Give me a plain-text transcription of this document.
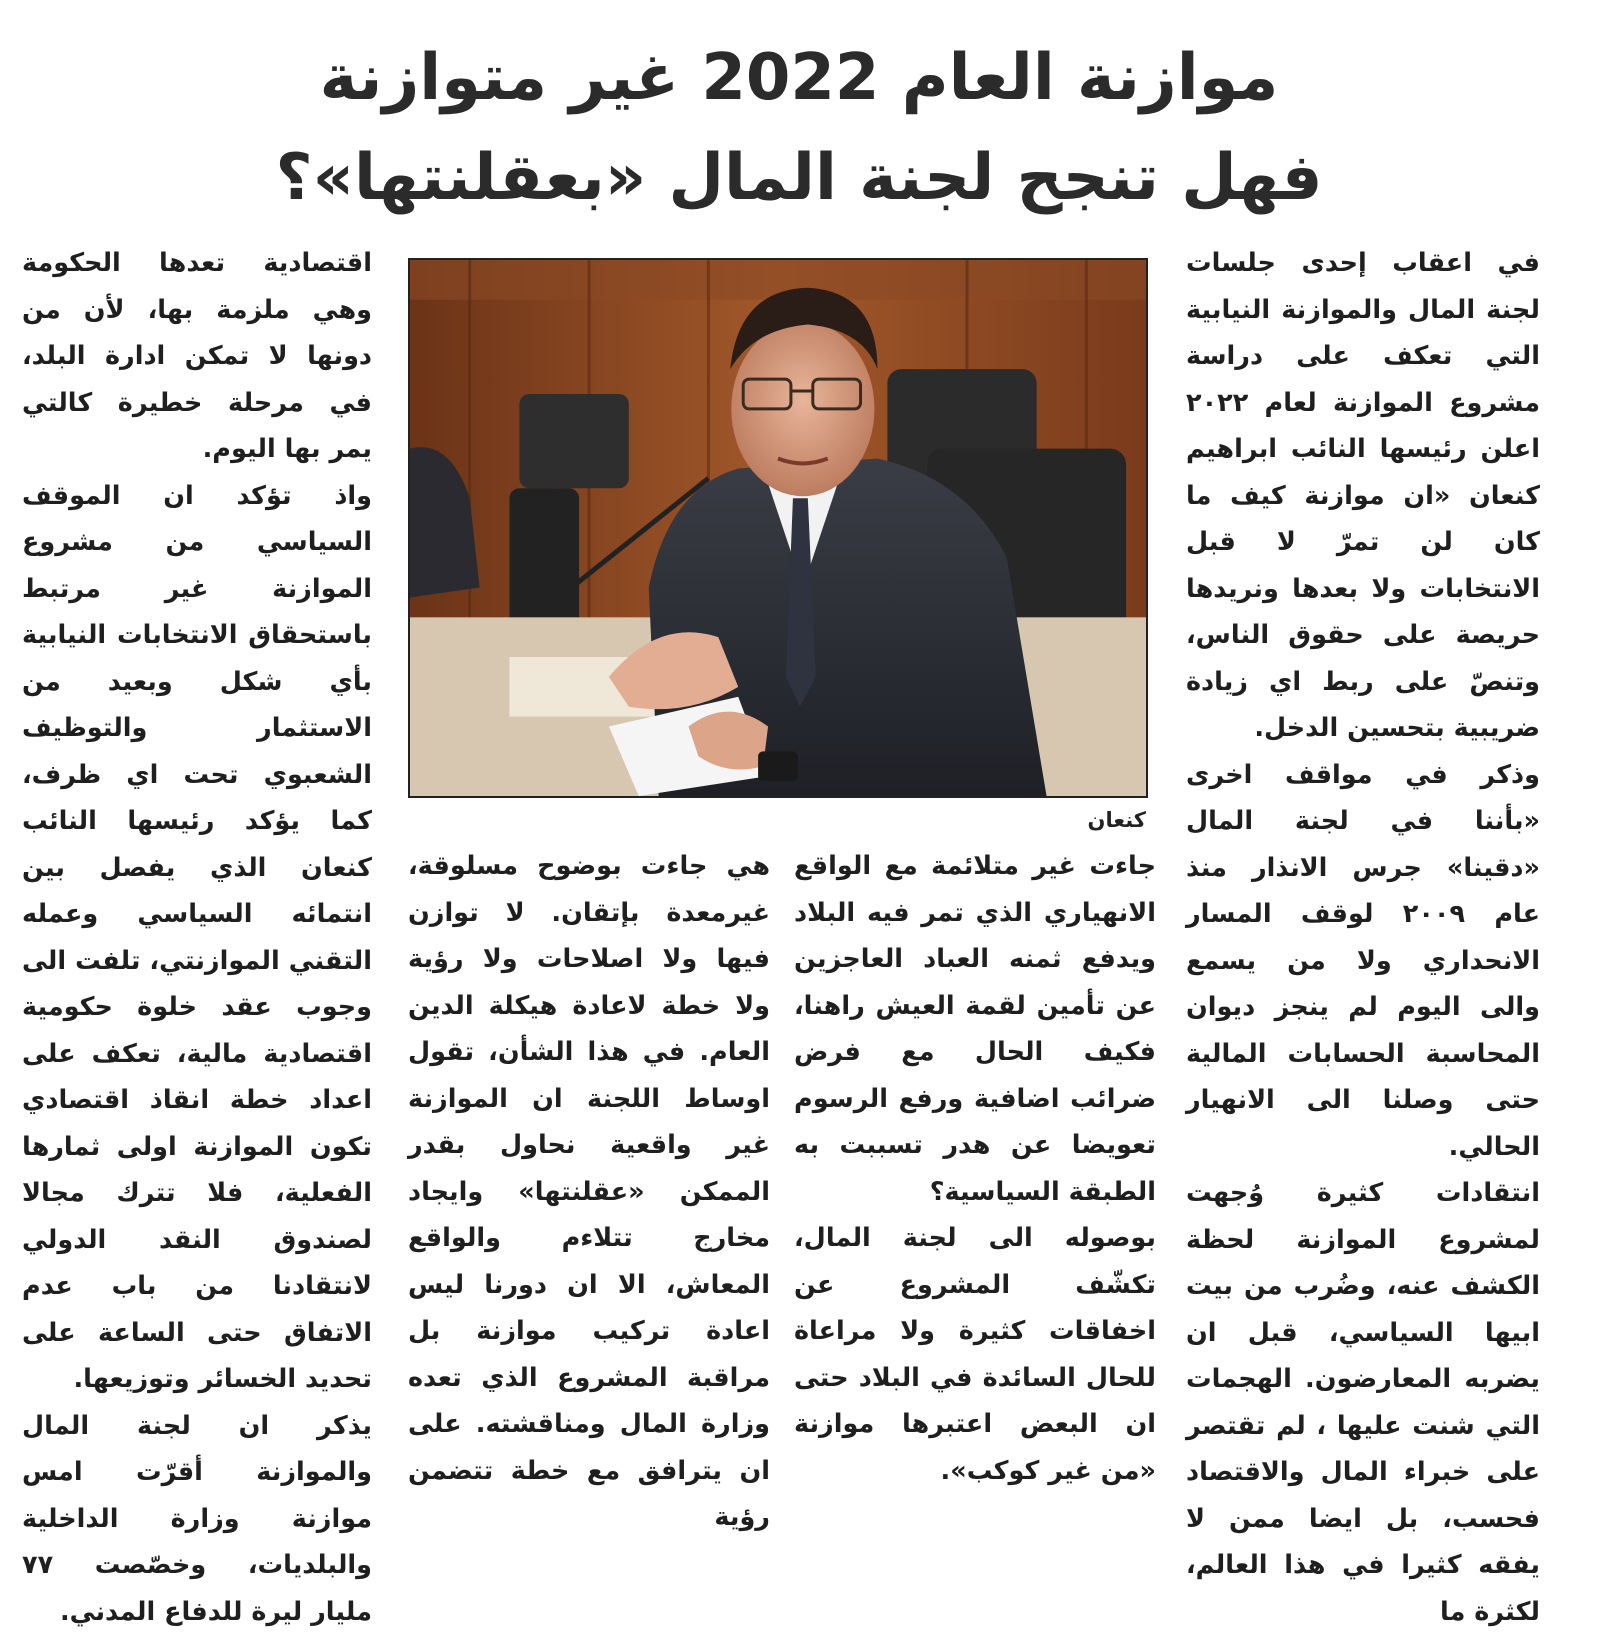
موازنة العام 2022 غير متوازنة
فهل تنجح لجنة المال «بعقلنتها»؟

في اعقاب إحدى جلسات لجنة المال والموازنة النيابية التي تعكف على دراسة مشروع الموازنة لعام ٢٠٢٢ اعلن رئيسها النائب ابراهيم كنعان «ان موازنة كيف ما كان لن تمرّ لا قبل الانتخابات ولا بعدها ونريدها حريصة على حقوق الناس، وتنصّ على ربط اي زيادة ضريبية بتحسين الدخل.

وذكر في مواقف اخرى «بأننا في لجنة المال «دقينا» جرس الانذار منذ عام ٢٠٠٩ لوقف المسار الانحداري ولا من يسمع والى اليوم لم ينجز ديوان المحاسبة الحسابات المالية حتى وصلنا الى الانهيار الحالي.

انتقادات كثيرة وُجهت لمشروع الموازنة لحظة الكشف عنه، وضُرب من بيت ابيها السياسي، قبل ان يضربه المعارضون. الهجمات التي شنت عليها ، لم تقتصر على خبراء المال والاقتصاد فحسب، بل ايضا ممن لا يفقه كثيرا في هذا العالم، لكثرة ما

كنعان

جاءت غير متلائمة مع الواقع الانهياري الذي تمر فيه البلاد ويدفع ثمنه العباد العاجزين عن تأمين لقمة العيش راهنا، فكيف الحال مع فرض ضرائب اضافية ورفع الرسوم تعويضا عن هدر تسببت به الطبقة السياسية؟

بوصوله الى لجنة المال، تكشّف المشروع عن اخفاقات كثيرة ولا مراعاة للحال السائدة في البلاد حتى ان البعض اعتبرها موازنة «من غير كوكب».

هي جاءت بوضوح مسلوقة، غيرمعدة بإتقان. لا توازن فيها ولا اصلاحات ولا رؤية ولا خطة لاعادة هيكلة الدين العام. في هذا الشأن، تقول اوساط اللجنة ان الموازنة غير واقعية نحاول بقدر الممكن «عقلنتها» وايجاد مخارج تتلاءم والواقع المعاش، الا ان دورنا ليس اعادة تركيب موازنة بل مراقبة المشروع الذي تعده وزارة المال ومناقشته. على ان يترافق مع خطة تتضمن رؤية

اقتصادية تعدها الحكومة وهي ملزمة بها، لأن من دونها لا تمكن ادارة البلد، في مرحلة خطيرة كالتي يمر بها اليوم.

واذ تؤكد ان الموقف السياسي من مشروع الموازنة غير مرتبط باستحقاق الانتخابات النيابية بأي شكل وبعيد من الاستثمار والتوظيف الشعبوي تحت اي ظرف، كما يؤكد رئيسها النائب كنعان الذي يفصل بين انتمائه السياسي وعمله التقني الموازنتي، تلفت الى وجوب عقد خلوة حكومية اقتصادية مالية، تعكف على اعداد خطة انقاذ اقتصادي تكون الموازنة اولى ثمارها الفعلية، فلا تترك مجالا لصندوق النقد الدولي لانتقادنا من باب عدم الاتفاق حتى الساعة على تحديد الخسائر وتوزيعها.

يذكر ان لجنة المال والموازنة أقرّت امس موازنة وزارة الداخلية والبلديات، وخصّصت ٧٧ مليار ليرة للدفاع المدني.
